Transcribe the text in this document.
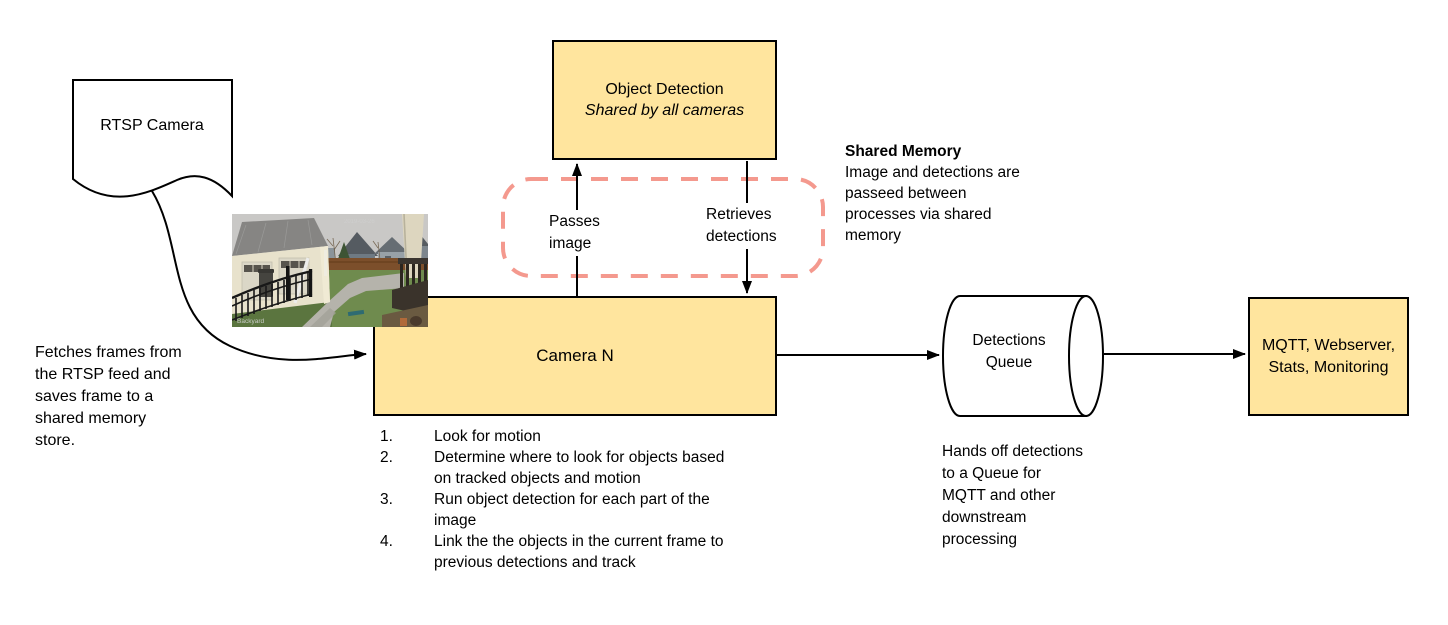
Object Detection
Shared by all cameras
Camera N
MQTT, Webserver,
Stats, Monitoring
2019-03-26
Backyard
RTSP Camera
Fetches frames from
the RTSP feed and
saves frame to a
shared memory
store.
Passes
image
Retrieves
detections
Shared Memory
Image and detections are
passeed between
processes via shared
memory
Look for motion
Determine where to look for objects based on tracked objects and motion
Run object detection for each part of the image
Link the the objects in the current frame to previous detections and track
Detections
Queue
Hands off detections
to a Queue for
MQTT and other
downstream
processing
